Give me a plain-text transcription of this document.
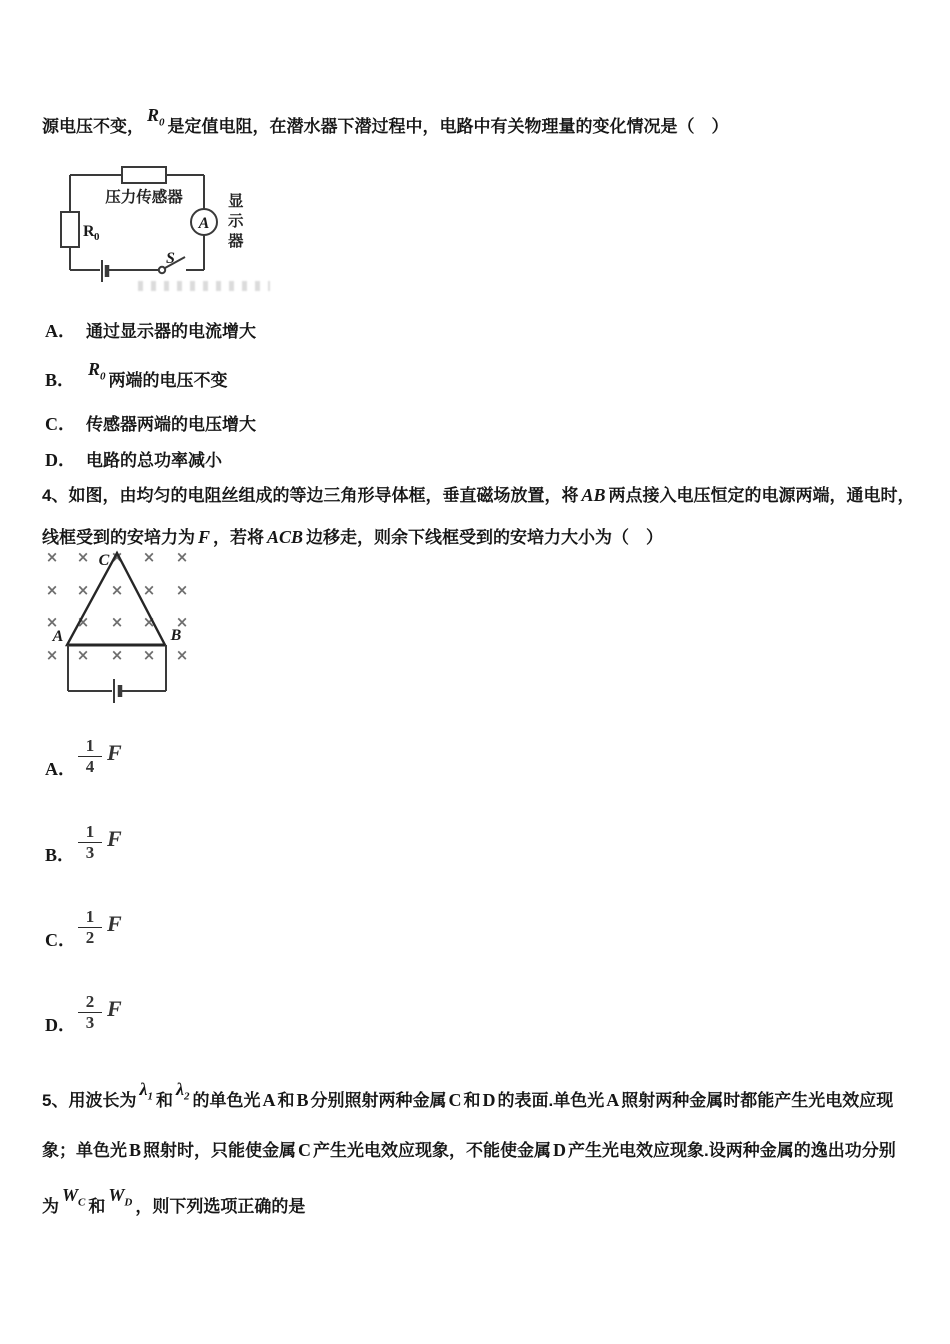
源电压不变，$R_0$ 是定值电阻，在潜水器下潜过程中，电路中有关物理量的变化情况是（　）
压力传感器
R 0
A
显
示
器
S
A． 通过显示器的电流增大
B．$R_0$ 两端的电压不变
C． 传感器两端的电压增大
D． 电路的总功率减小
4、如图，由均匀的电阻丝组成的等边三角形导体框，垂直磁场放置，将 AB 两点接入电压恒定的电源两端，通电时，
线框受到的安培力为 F ，若将 ACB 边移走，则余下线框受到的安培力大小为（　）
× × × × ×
× × × × ×
× × × × ×
× × × × ×
A	B
C
A．
1
4
F
B．
1
3
F
C．
1
2
F
D．
2
3
F
5、用波长为$\lambda_1$ 和$\lambda_2$ 的单色光 A 和 B 分别照射两种金属 C 和 D 的表面.单色光 A 照射两种金属时都能产生光电效应现
象；单色光 B 照射时，只能使金属 C 产生光电效应现象，不能使金属 D 产生光电效应现象.设两种金属的逸出功分别
为$W_C$ 和$W_D$ ，则下列选项正确的是
